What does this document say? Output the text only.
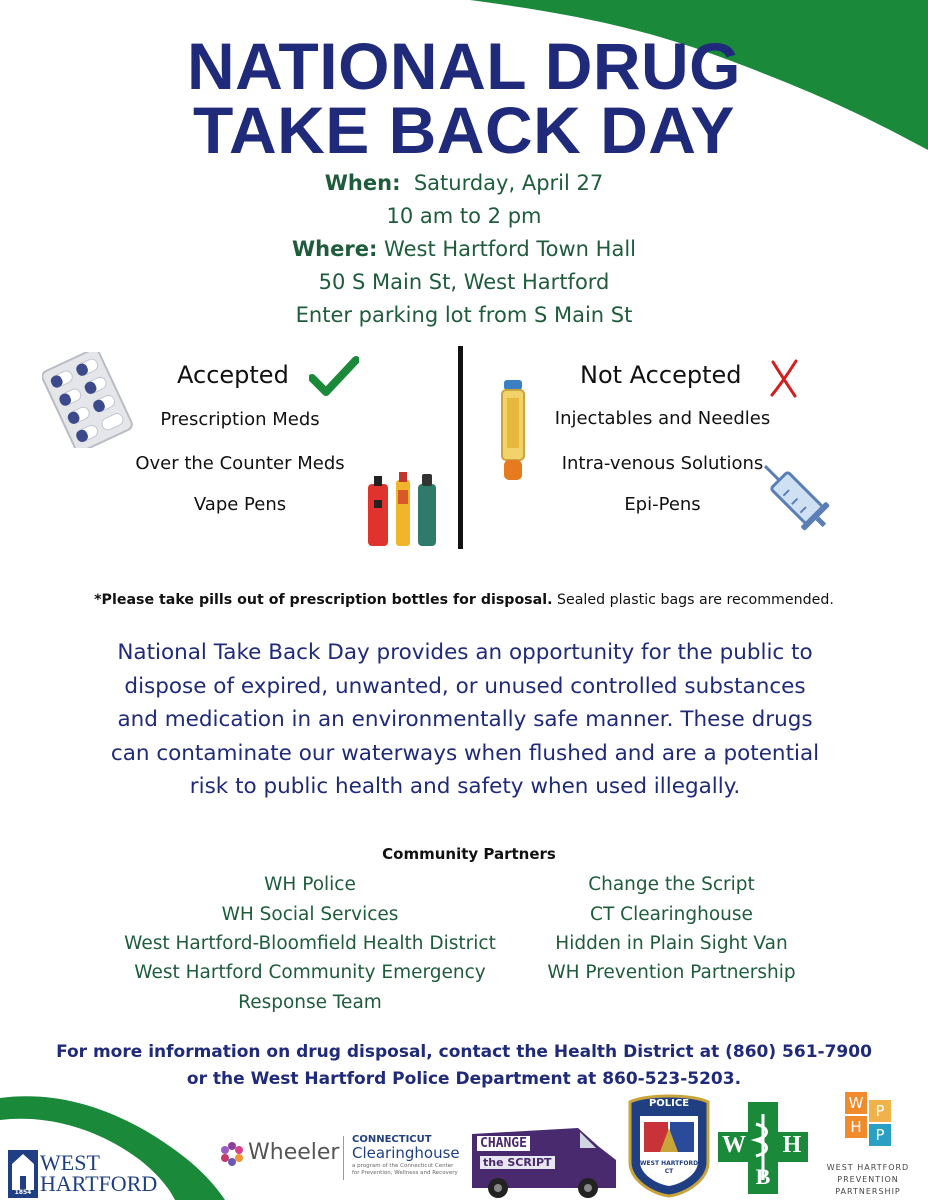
NATIONAL DRUG
TAKE BACK DAY
When: Saturday, April 27
10 am to 2 pm
Where: West Hartford Town Hall
50 S Main St, West Hartford
Enter parking lot from S Main St
Accepted
Prescription Meds
Over the Counter Meds
Vape Pens
Not Accepted
Injectables and Needles
Intra-venous Solutions
Epi-Pens
*Please take pills out of prescription bottles for disposal. Sealed plastic bags are recommended.
National Take Back Day provides an opportunity for the public to
dispose of expired, unwanted, or unused controlled substances
and medication in an environmentally safe manner. These drugs
can contaminate our waterways when flushed and are a potential
risk to public health and safety when used illegally.
Community Partners
WH Police
WH Social Services
West Hartford-Bloomfield Health District
West Hartford Community Emergency
Response Team
Change the Script
CT Clearinghouse
Hidden in Plain Sight Van
WH Prevention Partnership
For more information on drug disposal, contact the Health District at (860) 561-7900
or the West Hartford Police Department at 860-523-5203.
1854
WEST
HARTFORD
Wheeler
CONNECTICUT
Clearinghouse
a program of the Connecticut Center
for Prevention, Wellness and Recovery
CHANGE
the SCRIPT
POLICE
WEST HARTFORD
CT
W	H
B
W P
H P
WEST HARTFORD
PREVENTION
PARTNERSHIP
